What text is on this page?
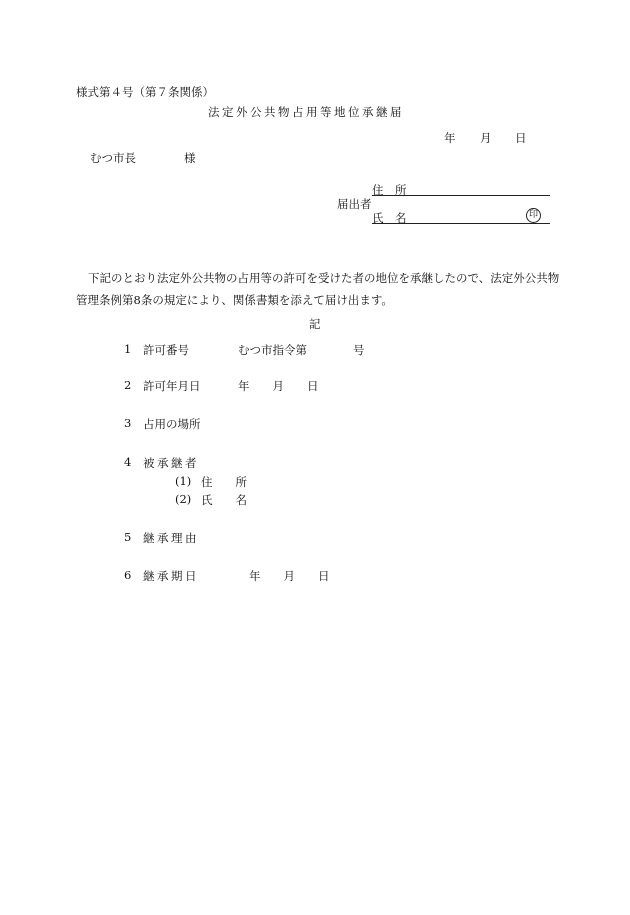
様式第４号（第７条関係）
法定外公共物占用等地位承継届
年 月 日
むつ市長	様
住　所
届出者
氏　名	印
下記のとおり法定外公共物の占用等の許可を受けた者の地位を承継したので、法定外公共物管理条例第8条の規定により、関係書類を添えて届け出ます。
記
1 許可番号	むつ市指令第　　　　号
2 許可年月日	年　　月　　日
3 占用の場所
4 被承継者
(1) 住　　所
(2) 氏　　名
5 継承理由
6 継承期日	年　　月　　日
